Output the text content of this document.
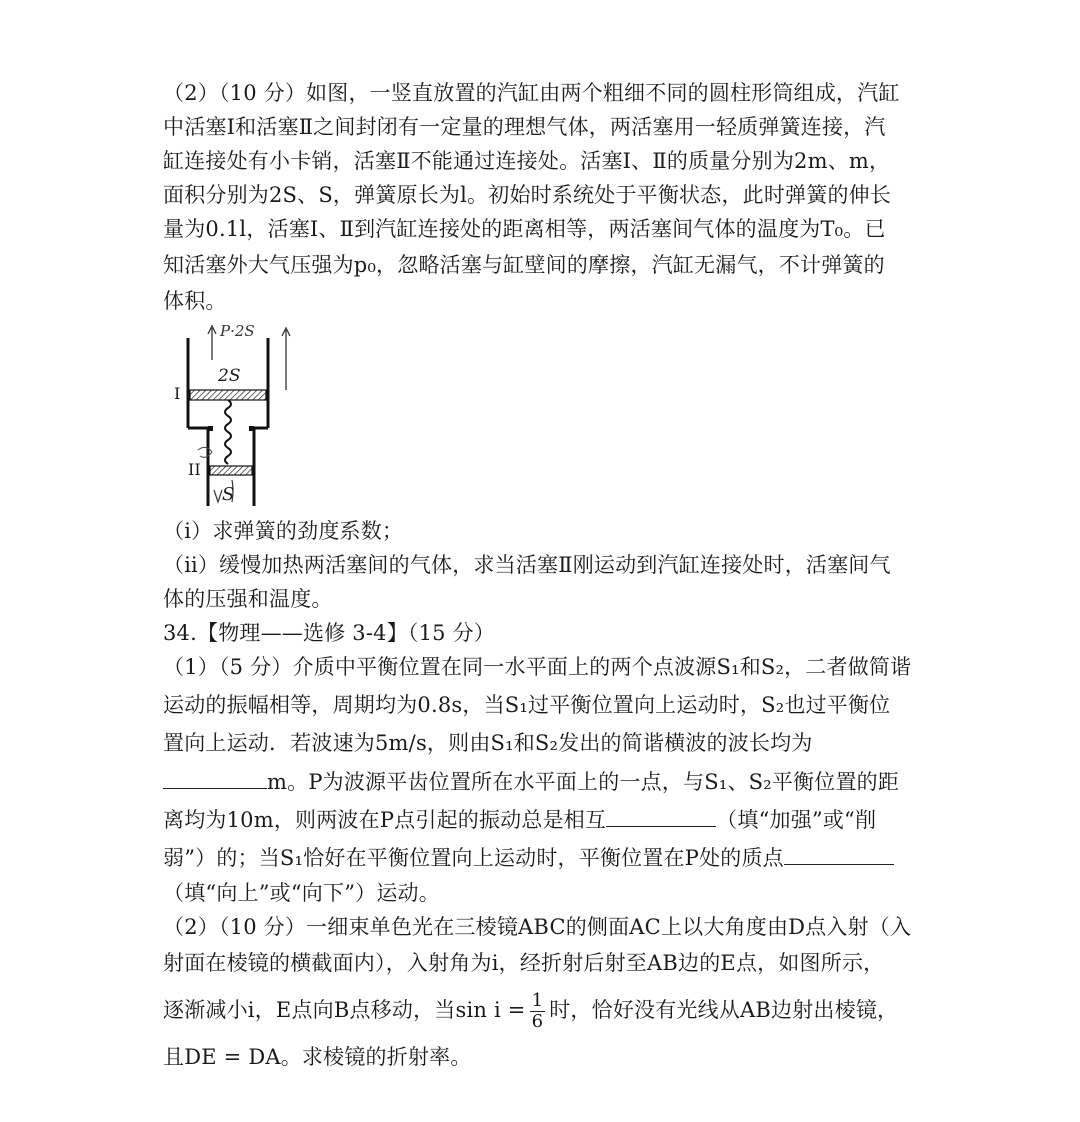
（2）（10 分）如图，一竖直放置的汽缸由两个粗细不同的圆柱形筒组成，汽缸
中活塞Ⅰ和活塞Ⅱ之间封闭有一定量的理想气体，两活塞用一轻质弹簧连接，汽
缸连接处有小卡销，活塞Ⅱ不能通过连接处。活塞Ⅰ、Ⅱ的质量分别为2m、m，
面积分别为2S、S，弹簧原长为l。初始时系统处于平衡状态，此时弹簧的伸长
量为0.1l，活塞Ⅰ、Ⅱ到汽缸连接处的距离相等，两活塞间气体的温度为T₀。已
知活塞外大气压强为p₀，忽略活塞与缸壁间的摩擦，汽缸无漏气，不计弹簧的
体积。
2S
I
II
S
P·2S
（ⅰ）求弹簧的劲度系数；
（ⅱ）缓慢加热两活塞间的气体，求当活塞Ⅱ刚运动到汽缸连接处时，活塞间气
体的压强和温度。
34.【物理——选修 3-4】（15 分）
（1）（5 分）介质中平衡位置在同一水平面上的两个点波源S₁和S₂，二者做简谐
运动的振幅相等，周期均为0.8s，当S₁过平衡位置向上运动时，S₂也过平衡位
置向上运动．若波速为5m/s，则由S₁和S₂发出的简谐横波的波长均为
m。P为波源平齿位置所在水平面上的一点，与S₁、S₂平衡位置的距
离均为10m，则两波在P点引起的振动总是相互	（填“加强”或“削
弱”）的；当S₁恰好在平衡位置向上运动时，平衡位置在P处的质点
（填“向上”或“向下”）运动。
（2）（10 分）一细束单色光在三棱镜ABC的侧面AC上以大角度由D点入射（入
射面在棱镜的横截面内），入射角为i，经折射后射至AB边的E点，如图所示，
逐渐减小i，E点向B点移动，当$\sin i = \frac{1}{6}$ 时，恰好没有光线从AB边射出棱镜，
且DE = DA。求棱镜的折射率。
